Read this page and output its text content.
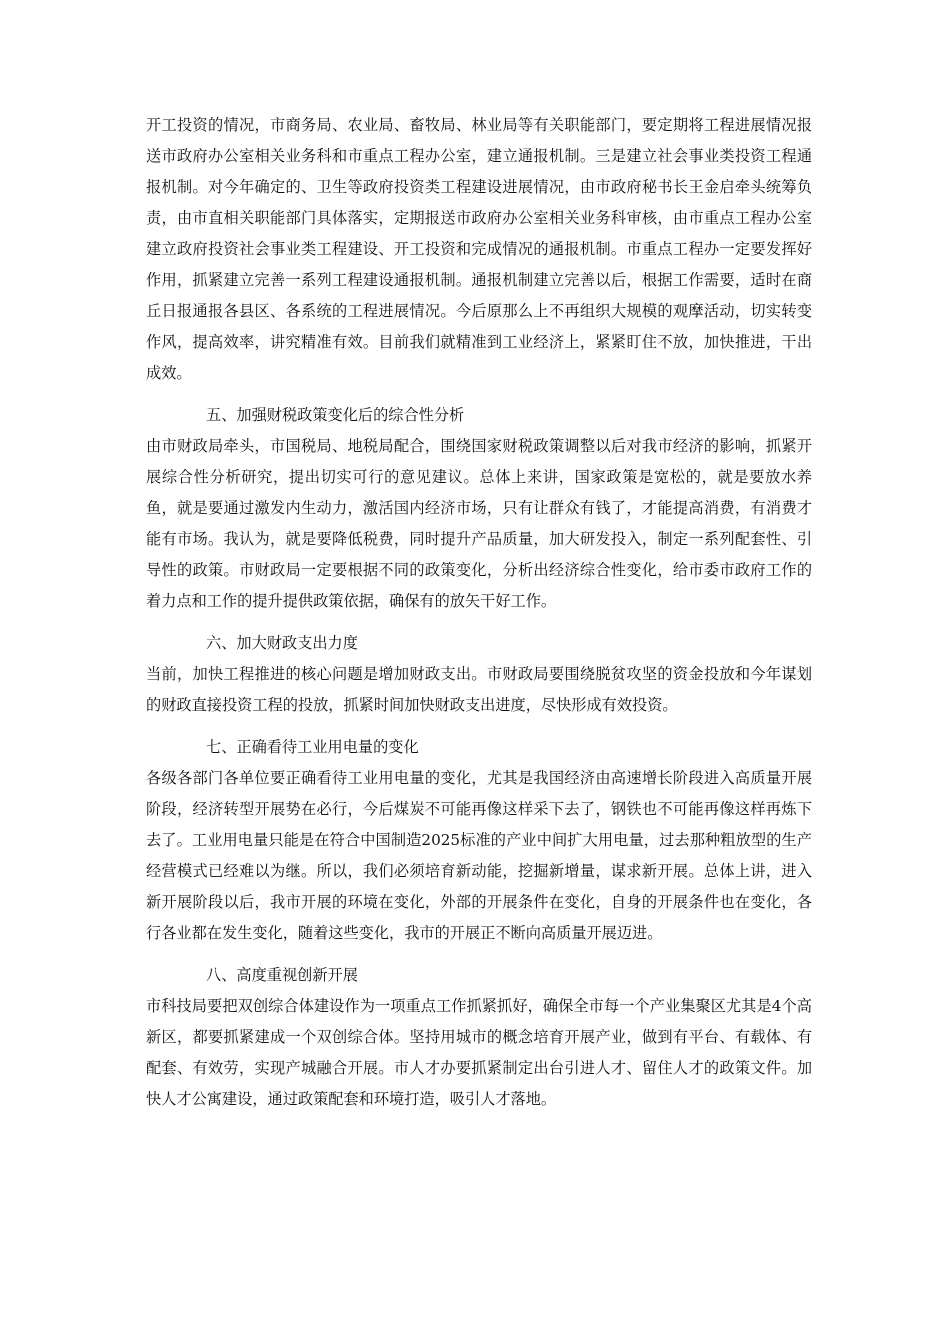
开工投资的情况，市商务局、农业局、畜牧局、林业局等有关职能部门，要定期将工程进展情况报送市政府办公室相关业务科和市重点工程办公室，建立通报机制。三是建立社会事业类投资工程通报机制。对今年确定的、卫生等政府投资类工程建设进展情况，由市政府秘书长王金启牵头统筹负责，由市直相关职能部门具体落实，定期报送市政府办公室相关业务科审核，由市重点工程办公室建立政府投资社会事业类工程建设、开工投资和完成情况的通报机制。市重点工程办一定要发挥好作用，抓紧建立完善一系列工程建设通报机制。通报机制建立完善以后，根据工作需要，适时在商丘日报通报各县区、各系统的工程进展情况。今后原那么上不再组织大规模的观摩活动，切实转变作风，提高效率，讲究精准有效。目前我们就精准到工业经济上，紧紧盯住不放，加快推进，干出成效。

五、加强财税政策变化后的综合性分析

由市财政局牵头，市国税局、地税局配合，围绕国家财税政策调整以后对我市经济的影响，抓紧开展综合性分析研究，提出切实可行的意见建议。总体上来讲，国家政策是宽松的，就是要放水养鱼，就是要通过激发内生动力，激活国内经济市场，只有让群众有钱了，才能提高消费，有消费才能有市场。我认为，就是要降低税费，同时提升产品质量，加大研发投入，制定一系列配套性、引导性的政策。市财政局一定要根据不同的政策变化，分析出经济综合性变化，给市委市政府工作的着力点和工作的提升提供政策依据，确保有的放矢干好工作。

六、加大财政支出力度

当前，加快工程推进的核心问题是增加财政支出。市财政局要围绕脱贫攻坚的资金投放和今年谋划的财政直接投资工程的投放，抓紧时间加快财政支出进度，尽快形成有效投资。

七、正确看待工业用电量的变化

各级各部门各单位要正确看待工业用电量的变化，尤其是我国经济由高速增长阶段进入高质量开展阶段，经济转型开展势在必行，今后煤炭不可能再像这样采下去了，钢铁也不可能再像这样再炼下去了。工业用电量只能是在符合中国制造2025标准的产业中间扩大用电量，过去那种粗放型的生产经营模式已经难以为继。所以，我们必须培育新动能，挖掘新增量，谋求新开展。总体上讲，进入新开展阶段以后，我市开展的环境在变化，外部的开展条件在变化，自身的开展条件也在变化，各行各业都在发生变化，随着这些变化，我市的开展正不断向高质量开展迈进。

八、高度重视创新开展

市科技局要把双创综合体建设作为一项重点工作抓紧抓好，确保全市每一个产业集聚区尤其是4个高新区，都要抓紧建成一个双创综合体。坚持用城市的概念培育开展产业，做到有平台、有载体、有配套、有效劳，实现产城融合开展。市人才办要抓紧制定出台引进人才、留住人才的政策文件。加快人才公寓建设，通过政策配套和环境打造，吸引人才落地。
